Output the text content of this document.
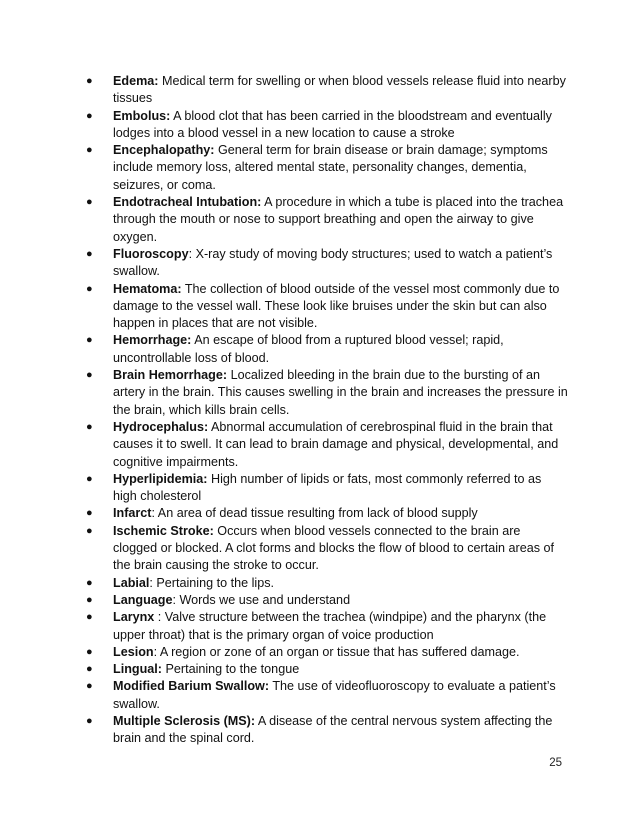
● Edema: Medical term for swelling or when blood vessels release fluid into nearby tissues
● Embolus: A blood clot that has been carried in the bloodstream and eventually lodges into a blood vessel in a new location to cause a stroke
● Encephalopathy: General term for brain disease or brain damage; symptoms include memory loss, altered mental state, personality changes, dementia, seizures, or coma.
● Endotracheal Intubation: A procedure in which a tube is placed into the trachea through the mouth or nose to support breathing and open the airway to give oxygen.
● Fluoroscopy: X-ray study of moving body structures; used to watch a patient’s swallow.
● Hematoma: The collection of blood outside of the vessel most commonly due to damage to the vessel wall. These look like bruises under the skin but can also happen in places that are not visible.
● Hemorrhage: An escape of blood from a ruptured blood vessel; rapid, uncontrollable loss of blood.
● Brain Hemorrhage: Localized bleeding in the brain due to the bursting of an artery in the brain. This causes swelling in the brain and increases the pressure in the brain, which kills brain cells.
● Hydrocephalus: Abnormal accumulation of cerebrospinal fluid in the brain that causes it to swell. It can lead to brain damage and physical, developmental, and cognitive impairments.
● Hyperlipidemia: High number of lipids or fats, most commonly referred to as high cholesterol
● Infarct: An area of dead tissue resulting from lack of blood supply
● Ischemic Stroke: Occurs when blood vessels connected to the brain are clogged or blocked. A clot forms and blocks the flow of blood to certain areas of the brain causing the stroke to occur.
● Labial: Pertaining to the lips.
● Language: Words we use and understand
● Larynx : Valve structure between the trachea (windpipe) and the pharynx (the upper throat) that is the primary organ of voice production
● Lesion: A region or zone of an organ or tissue that has suffered damage.
● Lingual: Pertaining to the tongue
● Modified Barium Swallow: The use of videofluoroscopy to evaluate a patient’s swallow.
● Multiple Sclerosis (MS): A disease of the central nervous system affecting the brain and the spinal cord.
25
